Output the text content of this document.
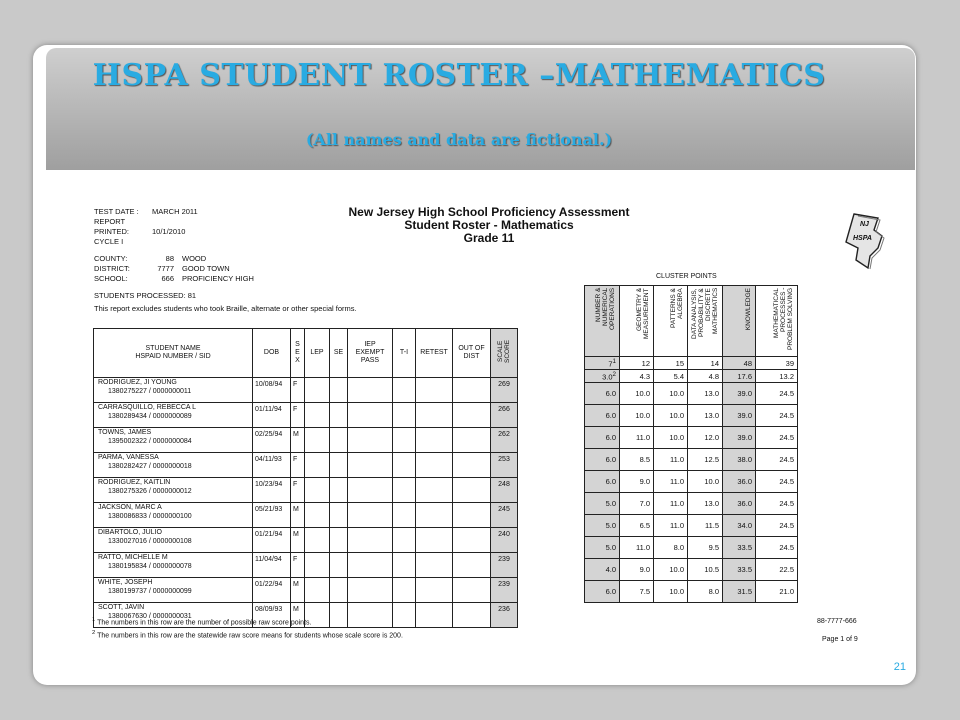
HSPA STUDENT ROSTER –MATHEMATICS

(All names and data are fictional.)

21
TEST DATE : MARCH 2011
REPORT PRINTED:	10/1/2010
CYCLE I
COUNTY:	88 WOOD
DISTRICT:	7777 GOOD TOWN
SCHOOL:	666 PROFICIENCY HIGH
STUDENTS PROCESSED: 81
This report excludes students who took Braille, alternate or other special forms.
New Jersey High School Proficiency Assessment
Student Roster - Mathematics
Grade 11
NJ
HSPA
STUDENT NAME
HSPAID NUMBER / SID	DOB	S E X	LEP	SE	IEP EXEMPT PASS	T-I	RETEST	OUT OF DIST	SCALE SCORE

RODRIGUEZ, JI YOUNG
1380275227 / 0000000011	10/08/94	F							269

CARRASQUILLO, REBECCA L
1380289434 / 0000000089	01/11/94	F							266

TOWNS, JAMES
1395002322 / 0000000084	02/25/94	M							262

PARMA, VANESSA
1380282427 / 0000000018	04/11/93	F							253

RODRIGUEZ, KAITLIN
1380275326 / 0000000012	10/23/94	F							248

JACKSON, MARC A
1380086833 / 0000000100	05/21/93	M							245

DIBARTOLO, JULIO
1330027016 / 0000000108	01/21/94	M							240

RATTO, MICHELLE M
1380195834 / 0000000078	11/04/94	F							239

WHITE, JOSEPH
1380199737 / 0000000099	01/22/94	M							239

SCOTT, JAVIN
1380067630 / 0000000031	08/09/93	M							236
CLUSTER POINTS
NUMBER & NUMERICAL OPERATIONS	GEOMETRY & MEASUREMENT	PATTERNS & ALGEBRA	DATA ANALYSIS, PROBABILITY & DISCRETE MATHEMATICS	KNOWLEDGE	MATHEMATICAL PROCESSES - PROBLEM SOLVING
$7^1$	12	15	14	48	39
$3.0^2$	4.3	5.4	4.8	17.6	13.2
6.0	10.0	10.0	13.0	39.0	24.5
6.0	10.0	10.0	13.0	39.0	24.5
6.0	11.0	10.0	12.0	39.0	24.5
6.0	8.5	11.0	12.5	38.0	24.5
6.0	9.0	11.0	10.0	36.0	24.5
5.0	7.0	11.0	13.0	36.0	24.5
5.0	6.5	11.0	11.5	34.0	24.5
5.0	11.0	8.0	9.5	33.5	24.5
4.0	9.0	10.0	10.5	33.5	22.5
6.0	7.5	10.0	8.0	31.5	21.0
$^1$ The numbers in this row are the number of possible raw score points.
$^2$ The numbers in this row are the statewide raw score means for students whose scale score is 200.
88-7777-666
Page 1 of 9
